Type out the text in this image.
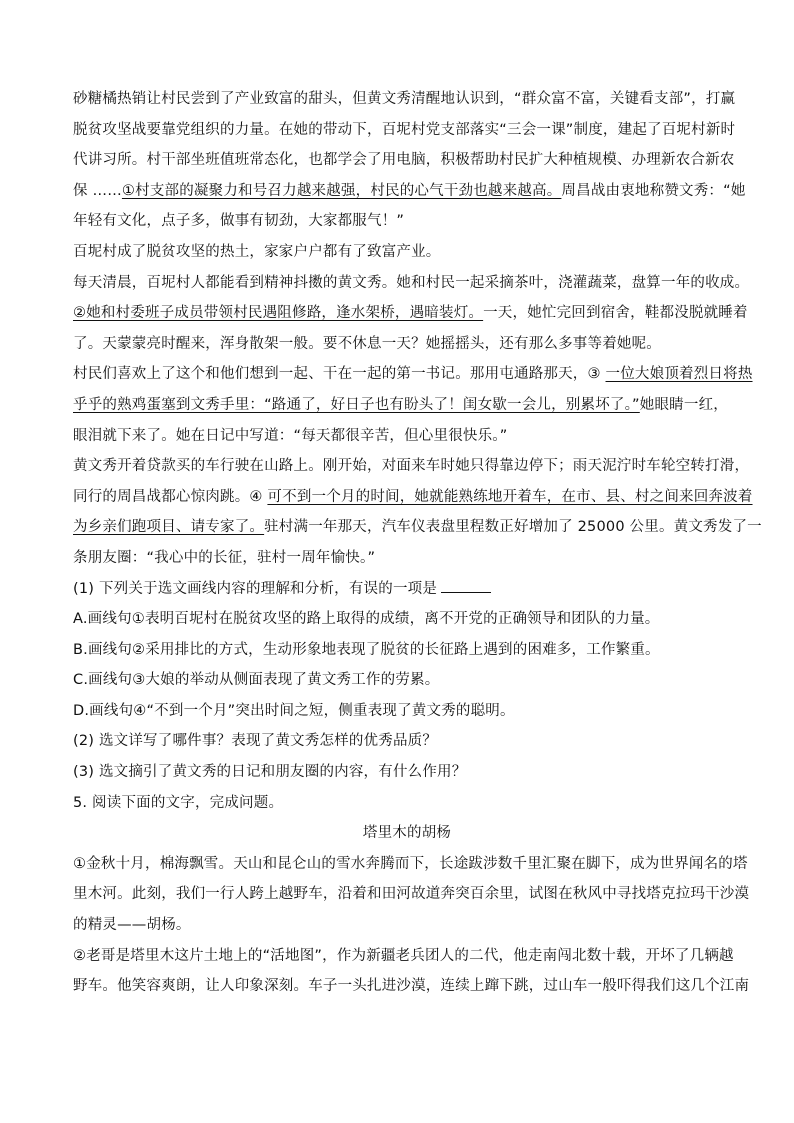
砂糖橘热销让村民尝到了产业致富的甜头，但黄文秀清醒地认识到，“群众富不富，关键看支部”，打赢
脱贫攻坚战要靠党组织的力量。在她的带动下，百坭村党支部落实“三会一课”制度，建起了百坭村新时
代讲习所。村干部坐班值班常态化，也都学会了用电脑，积极帮助村民扩大种植规模、办理新农合新农
保 ……①村支部的凝聚力和号召力越来越强，村民的心气干劲也越来越高。周昌战由衷地称赞文秀：“她
年轻有文化，点子多，做事有韧劲，大家都服气！”
百坭村成了脱贫攻坚的热土，家家户户都有了致富产业。
每天清晨，百坭村人都能看到精神抖擞的黄文秀。她和村民一起采摘茶叶，浇灌蔬菜，盘算一年的收成。
②她和村委班子成员带领村民遇阻修路，逢水架桥，遇暗装灯。一天，她忙完回到宿舍，鞋都没脱就睡着
了。天蒙蒙亮时醒来，浑身散架一般。要不休息一天？她摇摇头，还有那么多事等着她呢。
村民们喜欢上了这个和他们想到一起、干在一起的第一书记。那用屯通路那天，③ 一位大娘顶着烈日将热
乎乎的熟鸡蛋塞到文秀手里：“路通了，好日子也有盼头了！闺女歇一会儿，别累坏了。”她眼睛一红，
眼泪就下来了。她在日记中写道：“每天都很辛苦，但心里很快乐。”
黄文秀开着贷款买的车行驶在山路上。刚开始，对面来车时她只得靠边停下；雨天泥泞时车轮空转打滑，
同行的周昌战都心惊肉跳。④ 可不到一个月的时间，她就能熟练地开着车，在市、县、村之间来回奔波着
为乡亲们跑项目、请专家了。驻村满一年那天，汽车仪表盘里程数正好增加了 25000 公里。黄文秀发了一
条朋友圈：“我心中的长征，驻村一周年愉快。”
(1) 下列关于选文画线内容的理解和分析，有误的一项是
A.画线句①表明百坭村在脱贫攻坚的路上取得的成绩，离不开党的正确领导和团队的力量。
B.画线句②采用排比的方式，生动形象地表现了脱贫的长征路上遇到的困难多，工作繁重。
C.画线句③大娘的举动从侧面表现了黄文秀工作的劳累。
D.画线句④“不到一个月”突出时间之短，侧重表现了黄文秀的聪明。
(2) 选文详写了哪件事？表现了黄文秀怎样的优秀品质？
(3) 选文摘引了黄文秀的日记和朋友圈的内容，有什么作用？
5. 阅读下面的文字，完成问题。
塔里木的胡杨
①金秋十月，棉海飘雪。天山和昆仑山的雪水奔腾而下，长途跋涉数千里汇聚在脚下，成为世界闻名的塔
里木河。此刻，我们一行人跨上越野车，沿着和田河故道奔突百余里，试图在秋风中寻找塔克拉玛干沙漠
的精灵——胡杨。
②老哥是塔里木这片土地上的“活地图”，作为新疆老兵团人的二代，他走南闯北数十载，开坏了几辆越
野车。他笑容爽朗，让人印象深刻。车子一头扎进沙漠，连续上蹿下跳，过山车一般吓得我们这几个江南
